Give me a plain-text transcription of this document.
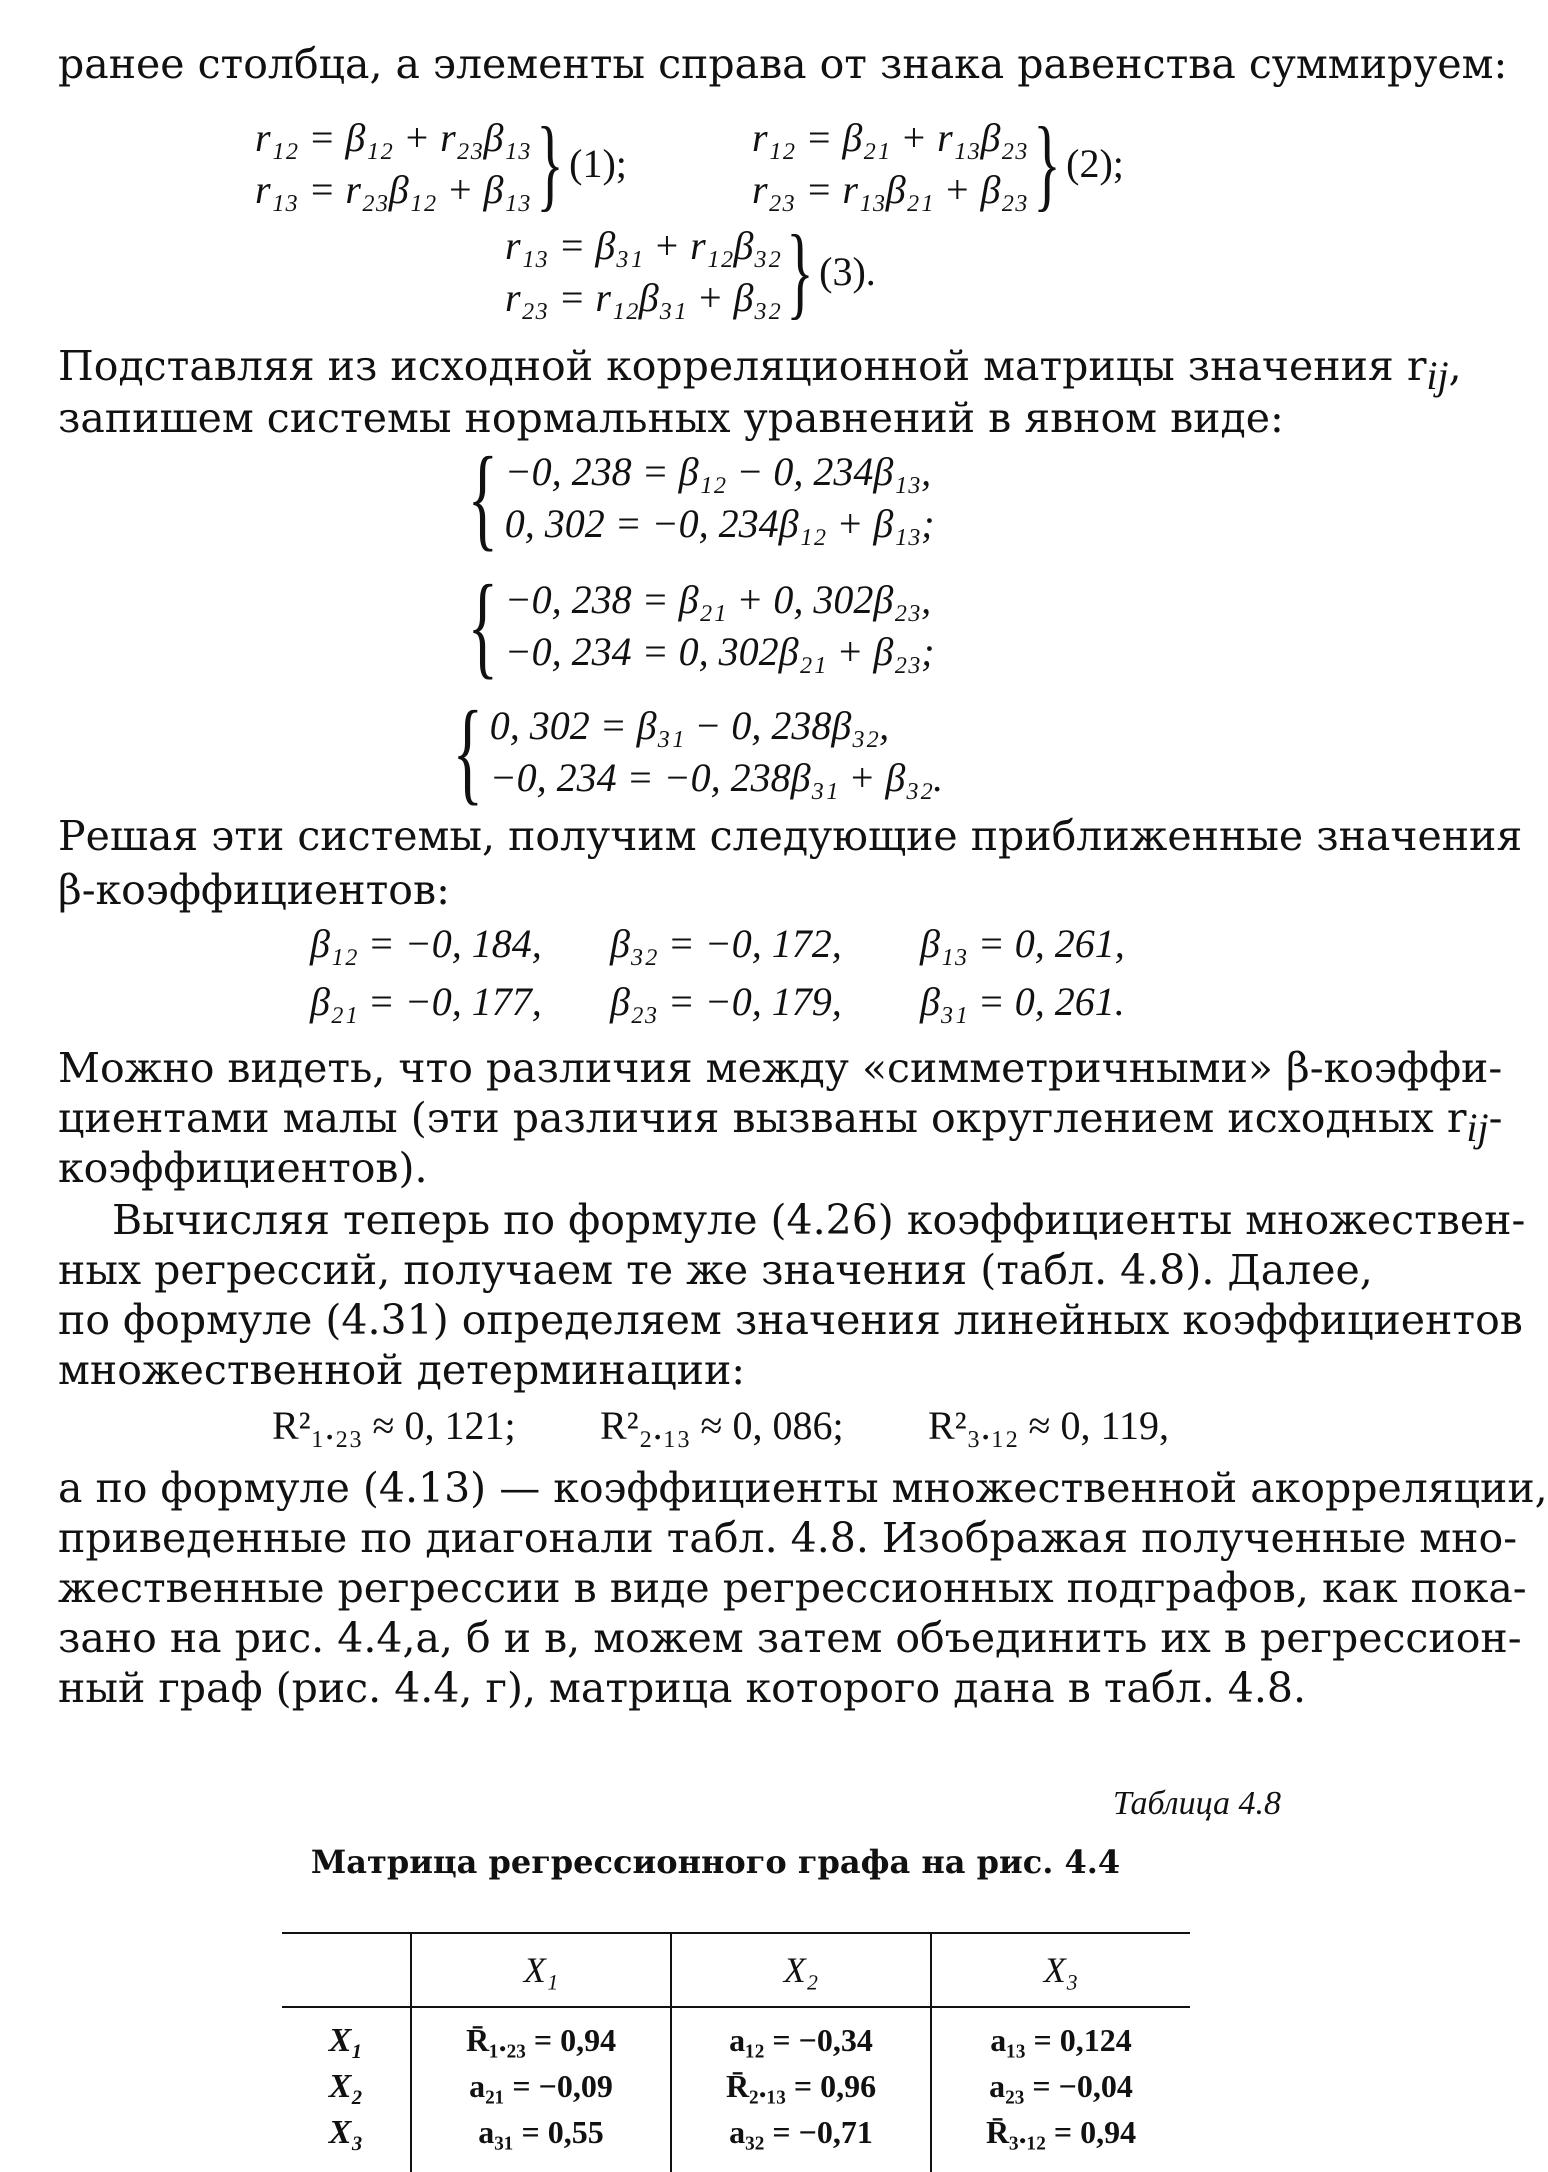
ранее столбца, а элементы справа от знака равенства суммируем:

r₁₂ = β₁₂ + r₂₃β₁₃
r₁₃ = r₂₃β₁₂ + β₁₃ } (1);
r₁₂ = β₂₁ + r₁₃β₂₃
r₂₃ = r₁₃β₂₁ + β₂₃ } (2);
r₁₃ = β₃₁ + r₁₂β₃₂
r₂₃ = r₁₂β₃₁ + β₃₂ } (3).

Подставляя из исходной корреляционной матрицы значения $r_{ij}$,

запишем системы нормальных уравнений в явном виде:

{ −0, 238 = β₁₂ − 0, 234β₁₃,
0, 302 = −0, 234β₁₂ + β₁₃;
{ −0, 238 = β₂₁ + 0, 302β₂₃,
−0, 234 = 0, 302β₂₁ + β₂₃;
{ 0, 302 = β₃₁ − 0, 238β₃₂,
−0, 234 = −0, 238β₃₁ + β₃₂.

Решая эти системы, получим следующие приближенные значения

β-коэффициентов:

β₁₂ = −0, 184, β₃₂ = −0, 172, β₁₃ = 0, 261,
β₂₁ = −0, 177, β₂₃ = −0, 179, β₃₁ = 0, 261.

Можно видеть, что различия между «симметричными» β-коэффи-

циентами малы (эти различия вызваны округлением исходных $r_{ij}-$

коэффициентов).

Вычисляя теперь по формуле (4.26) коэффициенты множествен-

ных регрессий, получаем те же значения (табл. 4.8). Далее,

по формуле (4.31) определяем значения линейных коэффициентов

множественной детерминации:

R²₁.₂₃ ≈ 0, 121; R²₂.₁₃ ≈ 0, 086; R²₃.₁₂ ≈ 0, 119,

а по формуле (4.13) — коэффициенты множественной акорреляции,

приведенные по диагонали табл. 4.8. Изображая полученные мно-

жественные регрессии в виде регрессионных подграфов, как пока-

зано на рис. 4.4,а, б и в, можем затем объединить их в регрессион-

ный граф (рис. 4.4, г), матрица которого дана в табл. 4.8.

Таблица 4.8
Матрица регрессионного графа на рис. 4.4
	X₁	X₂	X₃
X₁	R̄₁.₂₃ = 0,94	a₁₂ = −0,34	a₁₃ = 0,124
X₂	a₂₁ = −0,09	R̄₂.₁₃ = 0,96	a₂₃ = −0,04
X₃	a₃₁ = 0,55	a₃₂ = −0,71	R̄₃.₁₂ = 0,94
